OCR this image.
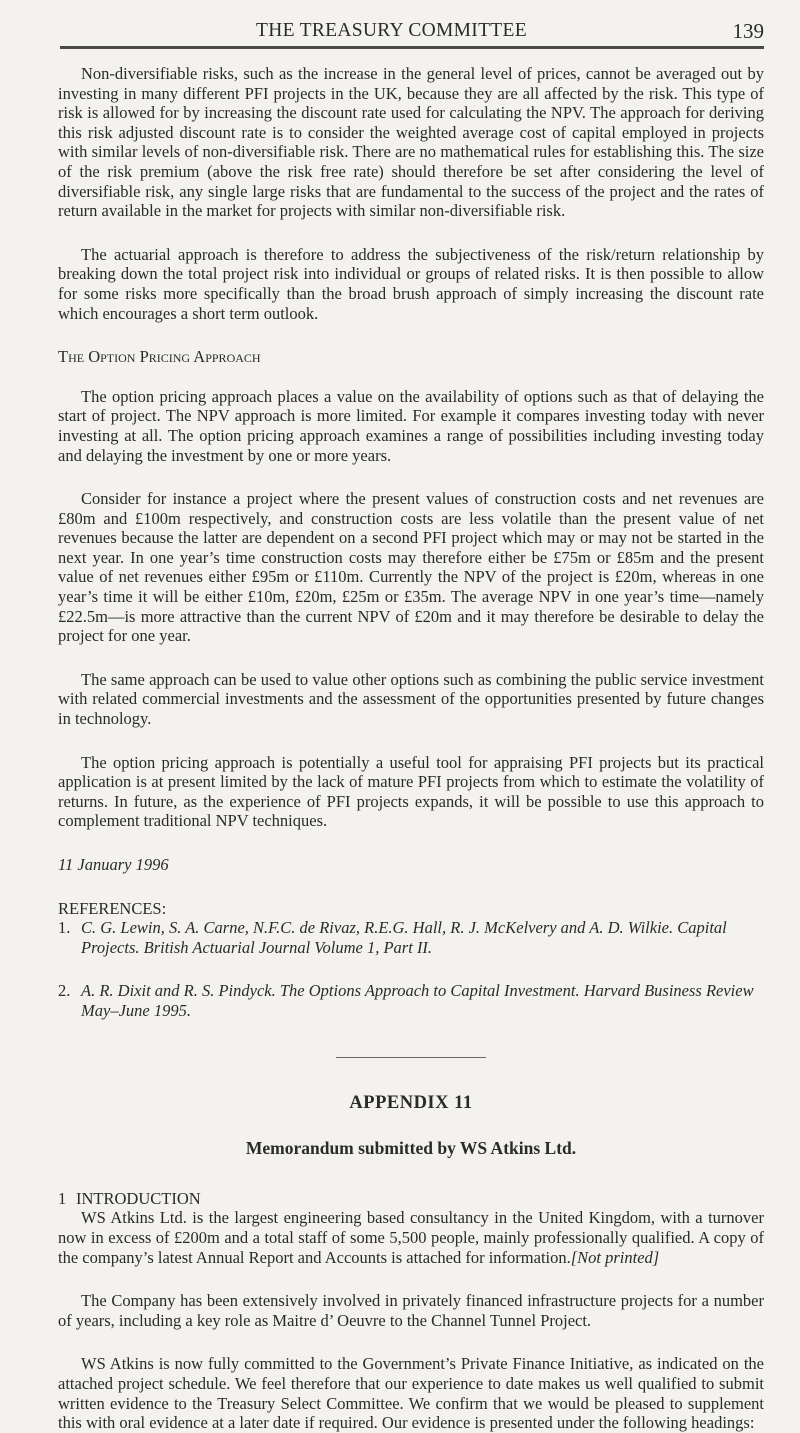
THE TREASURY COMMITTEE	139

Non-diversifiable risks, such as the increase in the general level of prices, cannot be averaged out by investing in many different PFI projects in the UK, because they are all affected by the risk. This type of risk is allowed for by increasing the discount rate used for calculating the NPV. The approach for deriving this risk adjusted discount rate is to consider the weighted average cost of capital employed in projects with similar levels of non-diversifiable risk. There are no mathematical rules for establishing this. The size of the risk premium (above the risk free rate) should therefore be set after considering the level of diversifiable risk, any single large risks that are fundamental to the success of the project and the rates of return available in the market for projects with similar non-diversifiable risk.

The actuarial approach is therefore to address the subjectiveness of the risk/return relationship by breaking down the total project risk into individual or groups of related risks. It is then possible to allow for some risks more specifically than the broad brush approach of simply increasing the discount rate which encourages a short term outlook.

The Option Pricing Approach

The option pricing approach places a value on the availability of options such as that of delaying the start of project. The NPV approach is more limited. For example it compares investing today with never investing at all. The option pricing approach examines a range of possibilities including investing today and delaying the investment by one or more years.

Consider for instance a project where the present values of construction costs and net revenues are £80m and £100m respectively, and construction costs are less volatile than the present value of net revenues because the latter are dependent on a second PFI project which may or may not be started in the next year. In one year’s time construction costs may therefore either be £75m or £85m and the present value of net revenues either £95m or £110m. Currently the NPV of the project is £20m, whereas in one year’s time it will be either £10m, £20m, £25m or £35m. The average NPV in one year’s time—namely £22.5m—is more attractive than the current NPV of £20m and it may therefore be desirable to delay the project for one year.

The same approach can be used to value other options such as combining the public service investment with related commercial investments and the assessment of the opportunities presented by future changes in technology.

The option pricing approach is potentially a useful tool for appraising PFI projects but its practical application is at present limited by the lack of mature PFI projects from which to estimate the volatility of returns. In future, as the experience of PFI projects expands, it will be possible to use this approach to complement traditional NPV techniques.

11 January 1996

REFERENCES:

1. C. G. Lewin, S. A. Carne, N.F.C. de Rivaz, R.E.G. Hall, R. J. McKelvery and A. D. Wilkie. Capital Projects. British Actuarial Journal Volume 1, Part II.
2. A. R. Dixit and R. S. Pindyck. The Options Approach to Capital Investment. Harvard Business Review May–June 1995.

APPENDIX 11

Memorandum submitted by WS Atkins Ltd.

1 INTRODUCTION

WS Atkins Ltd. is the largest engineering based consultancy in the United Kingdom, with a turnover now in excess of £200m and a total staff of some 5,500 people, mainly professionally qualified. A copy of the company’s latest Annual Report and Accounts is attached for information.[Not printed]

The Company has been extensively involved in privately financed infrastructure projects for a number of years, including a key role as Maitre d’ Oeuvre to the Channel Tunnel Project.

WS Atkins is now fully committed to the Government’s Private Finance Initiative, as indicated on the attached project schedule. We feel therefore that our experience to date makes us well qualified to submit written evidence to the Treasury Select Committee. We confirm that we would be pleased to supplement this with oral evidence at a later date if required. Our evidence is presented under the following headings:
